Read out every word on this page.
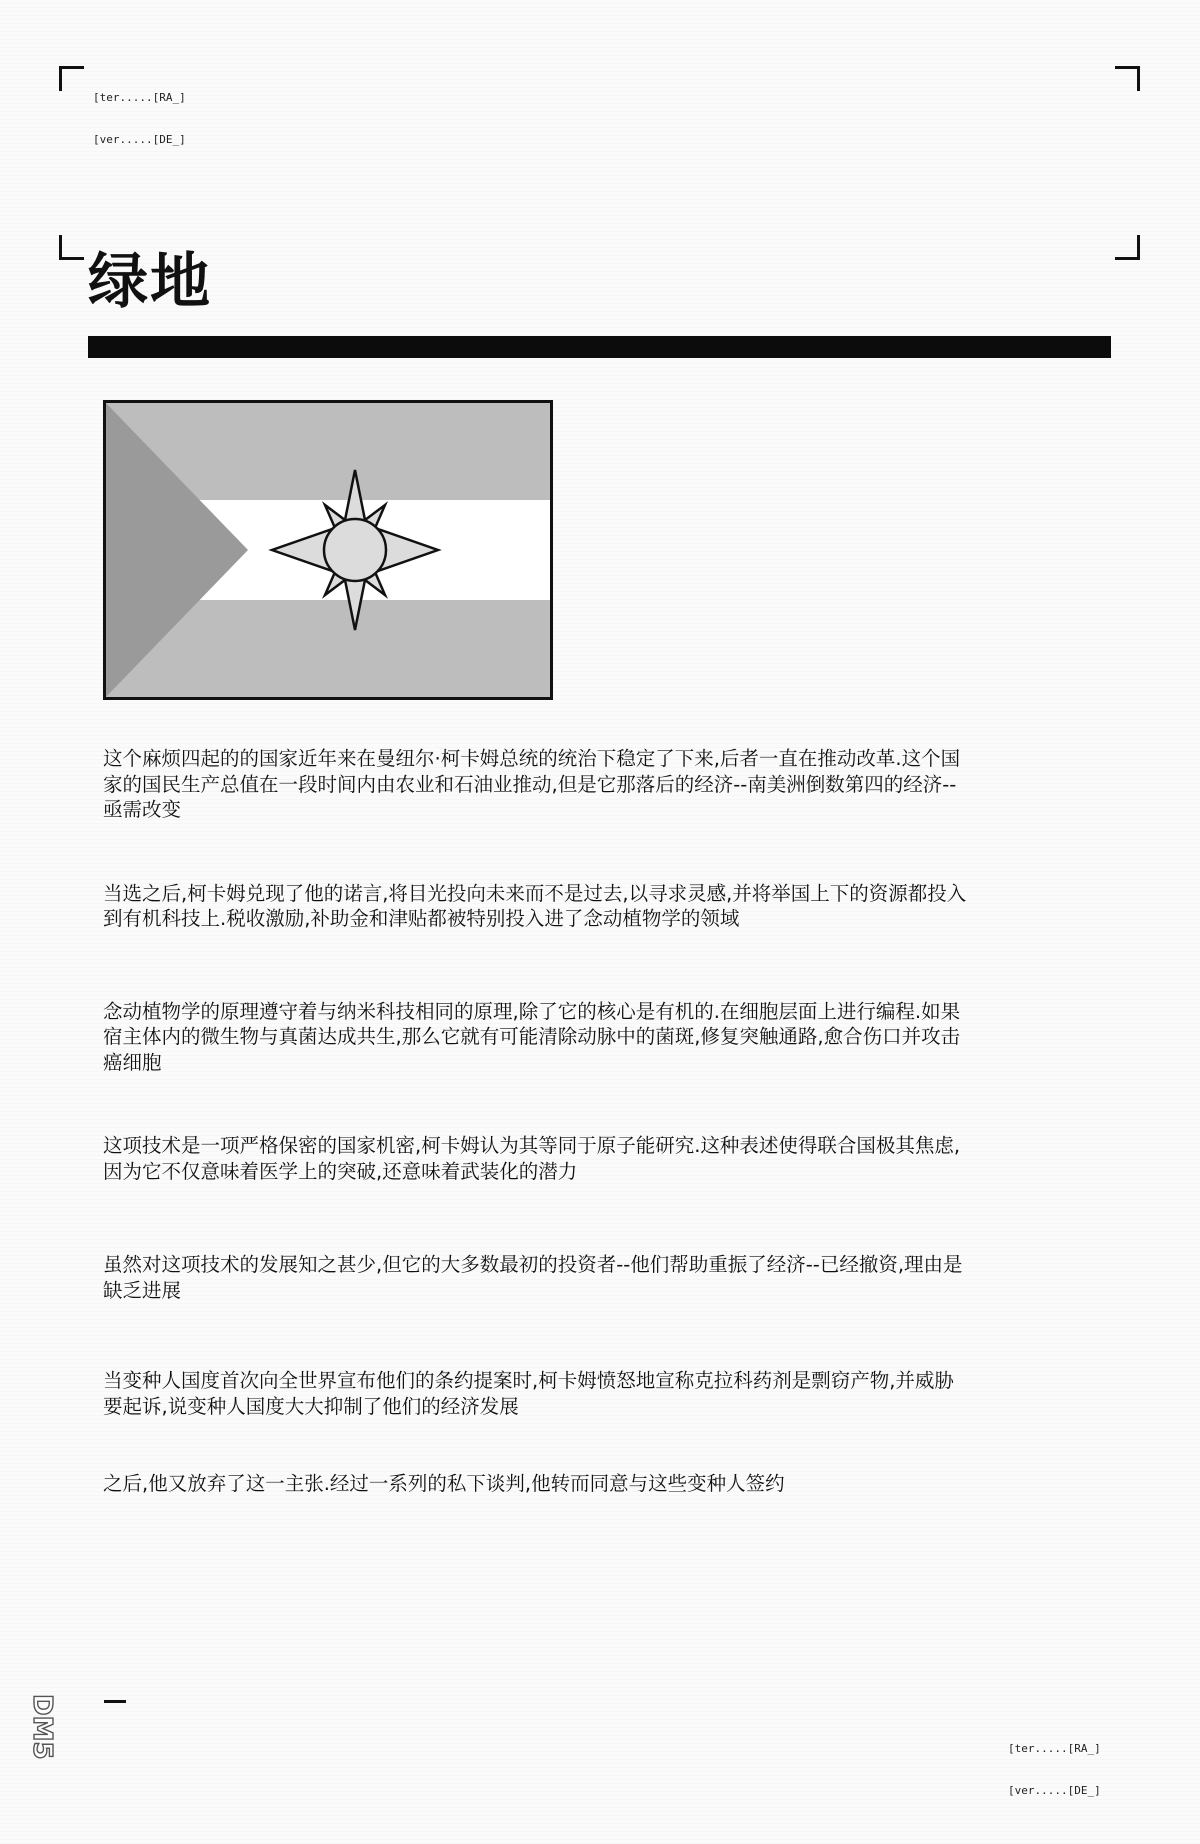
[ter.....[RA_]

[ver.....[DE_]

绿地

这个麻烦四起的的国家近年来在曼纽尔·柯卡姆总统的统治下稳定了下来,后者一直在推动改革.这个国家的国民生产总值在一段时间内由农业和石油业推动,但是它那落后的经济--南美洲倒数第四的经济--亟需改变

当选之后,柯卡姆兑现了他的诺言,将目光投向未来而不是过去,以寻求灵感,并将举国上下的资源都投入到有机科技上.税收激励,补助金和津贴都被特别投入进了念动植物学的领域

念动植物学的原理遵守着与纳米科技相同的原理,除了它的核心是有机的.在细胞层面上进行编程.如果宿主体内的微生物与真菌达成共生,那么它就有可能清除动脉中的菌斑,修复突触通路,愈合伤口并攻击癌细胞

这项技术是一项严格保密的国家机密,柯卡姆认为其等同于原子能研究.这种表述使得联合国极其焦虑,因为它不仅意味着医学上的突破,还意味着武装化的潜力

虽然对这项技术的发展知之甚少,但它的大多数最初的投资者--他们帮助重振了经济--已经撤资,理由是缺乏进展

当变种人国度首次向全世界宣布他们的条约提案时,柯卡姆愤怒地宣称克拉科药剂是剽窃产物,并威胁要起诉,说变种人国度大大抑制了他们的经济发展

之后,他又放弃了这一主张.经过一系列的私下谈判,他转而同意与这些变种人签约

[ter.....[RA_]

[ver.....[DE_]

DM5
